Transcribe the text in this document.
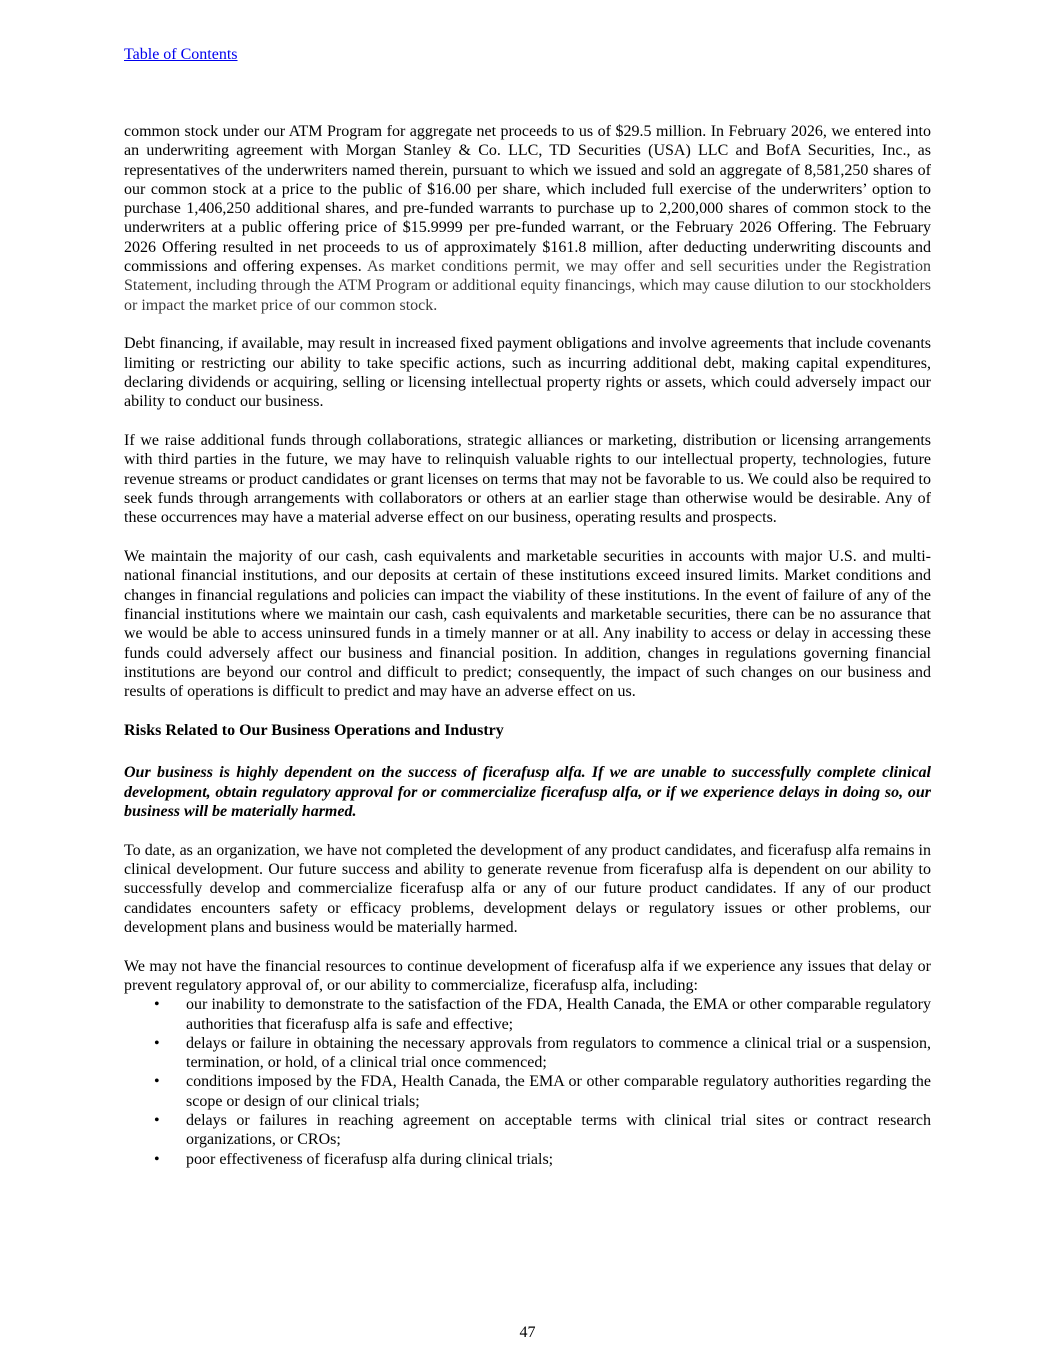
Table of Contents

common stock under our ATM Program for aggregate net proceeds to us of $29.5 million. In February 2026, we entered into an underwriting agreement with Morgan Stanley & Co. LLC, TD Securities (USA) LLC and BofA Securities, Inc., as representatives of the underwriters named therein, pursuant to which we issued and sold an aggregate of 8,581,250 shares of our common stock at a price to the public of $16.00 per share, which included full exercise of the underwriters’ option to purchase 1,406,250 additional shares, and pre-funded warrants to purchase up to 2,200,000 shares of common stock to the underwriters at a public offering price of $15.9999 per pre-funded warrant, or the February 2026 Offering. The February 2026 Offering resulted in net proceeds to us of approximately $161.8 million, after deducting underwriting discounts and commissions and offering expenses. As market conditions permit, we may offer and sell securities under the Registration Statement, including through the ATM Program or additional equity financings, which may cause dilution to our stockholders or impact the market price of our common stock.

Debt financing, if available, may result in increased fixed payment obligations and involve agreements that include covenants limiting or restricting our ability to take specific actions, such as incurring additional debt, making capital expenditures, declaring dividends or acquiring, selling or licensing intellectual property rights or assets, which could adversely impact our ability to conduct our business.

If we raise additional funds through collaborations, strategic alliances or marketing, distribution or licensing arrangements with third parties in the future, we may have to relinquish valuable rights to our intellectual property, technologies, future revenue streams or product candidates or grant licenses on terms that may not be favorable to us. We could also be required to seek funds through arrangements with collaborators or others at an earlier stage than otherwise would be desirable. Any of these occurrences may have a material adverse effect on our business, operating results and prospects.

We maintain the majority of our cash, cash equivalents and marketable securities in accounts with major U.S. and multi-national financial institutions, and our deposits at certain of these institutions exceed insured limits. Market conditions and changes in financial regulations and policies can impact the viability of these institutions. In the event of failure of any of the financial institutions where we maintain our cash, cash equivalents and marketable securities, there can be no assurance that we would be able to access uninsured funds in a timely manner or at all. Any inability to access or delay in accessing these funds could adversely affect our business and financial position. In addition, changes in regulations governing financial institutions are beyond our control and difficult to predict; consequently, the impact of such changes on our business and results of operations is difficult to predict and may have an adverse effect on us.

Risks Related to Our Business Operations and Industry

Our business is highly dependent on the success of ficerafusp alfa. If we are unable to successfully complete clinical development, obtain regulatory approval for or commercialize ficerafusp alfa, or if we experience delays in doing so, our business will be materially harmed.

To date, as an organization, we have not completed the development of any product candidates, and ficerafusp alfa remains in clinical development. Our future success and ability to generate revenue from ficerafusp alfa is dependent on our ability to successfully develop and commercialize ficerafusp alfa or any of our future product candidates. If any of our product candidates encounters safety or efficacy problems, development delays or regulatory issues or other problems, our development plans and business would be materially harmed.

We may not have the financial resources to continue development of ficerafusp alfa if we experience any issues that delay or prevent regulatory approval of, or our ability to commercialize, ficerafusp alfa, including:

• our inability to demonstrate to the satisfaction of the FDA, Health Canada, the EMA or other comparable regulatory authorities that ficerafusp alfa is safe and effective;
• delays or failure in obtaining the necessary approvals from regulators to commence a clinical trial or a suspension, termination, or hold, of a clinical trial once commenced;
• conditions imposed by the FDA, Health Canada, the EMA or other comparable regulatory authorities regarding the scope or design of our clinical trials;
• delays or failures in reaching agreement on acceptable terms with clinical trial sites or contract research organizations, or CROs;
• poor effectiveness of ficerafusp alfa during clinical trials;
47
